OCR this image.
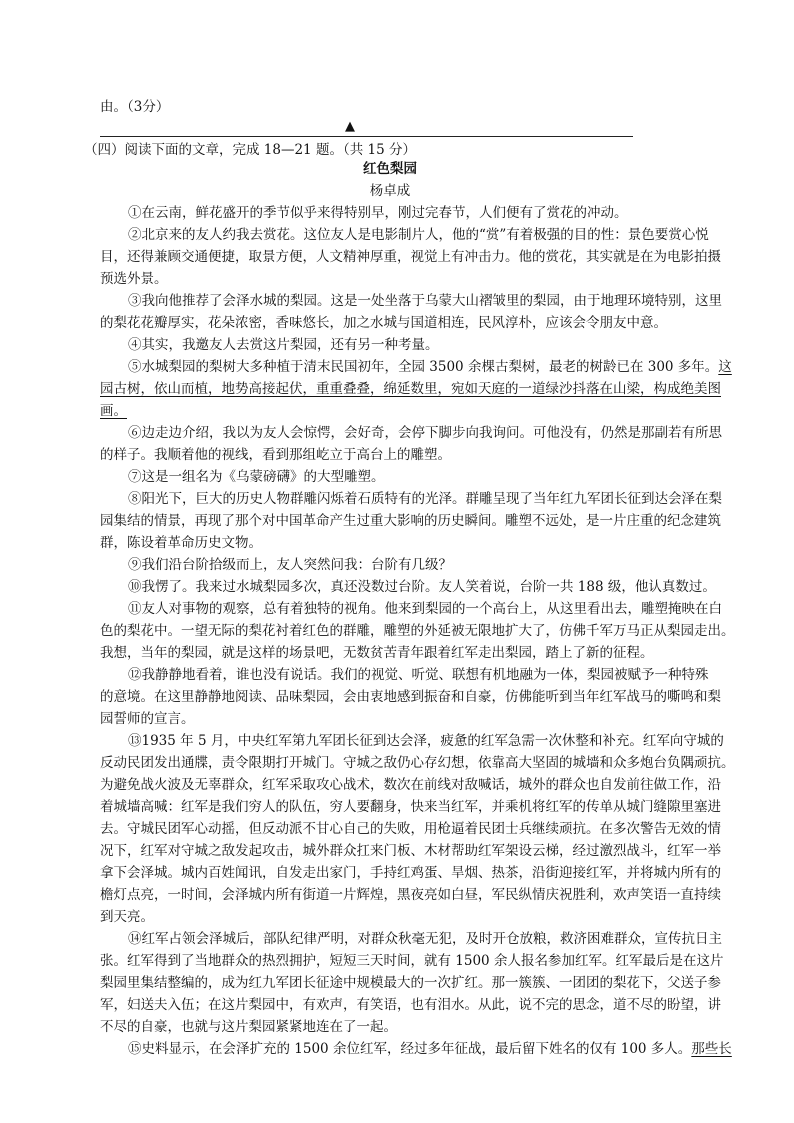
由。（3分）
▲
（四）阅读下面的文章，完成 18—21 题。（共 15 分）
红色梨园
杨卓成
①在云南，鲜花盛开的季节似乎来得特别早，刚过完春节，人们便有了赏花的冲动。
②北京来的友人约我去赏花。这位友人是电影制片人，他的“赏”有着极强的目的性：景色要赏心悦
目，还得兼顾交通便捷，取景方便，人文精神厚重，视觉上有冲击力。他的赏花，其实就是在为电影拍摄
预选外景。
③我向他推荐了会泽水城的梨园。这是一处坐落于乌蒙大山褶皱里的梨园，由于地理环境特别，这里
的梨花花瓣厚实，花朵浓密，香味悠长，加之水城与国道相连，民风淳朴，应该会令朋友中意。
④其实，我邀友人去赏这片梨园，还有另一种考量。
⑤水城梨园的梨树大多种植于清末民国初年，全园 3500 余棵古梨树，最老的树龄已在 300 多年。这
园古树，依山而植，地势高接起伏，重重叠叠，绵延数里，宛如天庭的一道绿沙抖落在山梁，构成绝美图
画。
⑥边走边介绍，我以为友人会惊愕，会好奇，会停下脚步向我询问。可他没有，仍然是那副若有所思
的样子。我顺着他的视线，看到那组屹立于高台上的雕塑。
⑦这是一组名为《乌蒙磅礴》的大型雕塑。
⑧阳光下，巨大的历史人物群雕闪烁着石质特有的光泽。群雕呈现了当年红九军团长征到达会泽在梨
园集结的情景，再现了那个对中国革命产生过重大影响的历史瞬间。雕塑不远处，是一片庄重的纪念建筑
群，陈设着革命历史文物。
⑨我们沿台阶拾级而上，友人突然问我：台阶有几级？
⑩我愣了。我来过水城梨园多次，真还没数过台阶。友人笑着说，台阶一共 188 级，他认真数过。
⑪友人对事物的观察，总有着独特的视角。他来到梨园的一个高台上，从这里看出去，雕塑掩映在白
色的梨花中。一望无际的梨花衬着红色的群雕，雕塑的外延被无限地扩大了，仿佛千军万马正从梨园走出。
我想，当年的梨园，就是这样的场景吧，无数贫苦青年跟着红军走出梨园，踏上了新的征程。
⑫我静静地看着，谁也没有说话。我们的视觉、听觉、联想有机地融为一体，梨园被赋予一种特殊
的意境。在这里静静地阅读、品味梨园，会由衷地感到振奋和自豪，仿佛能听到当年红军战马的嘶鸣和梨
园誓师的宣言。
⑬1935 年 5 月，中央红军第九军团长征到达会泽，疲惫的红军急需一次休整和补充。红军向守城的
反动民团发出通牒，责令限期打开城门。守城之敌仍心存幻想，依靠高大坚固的城墙和众多炮台负隅顽抗。
为避免战火波及无辜群众，红军采取攻心战术，数次在前线对敌喊话，城外的群众也自发前往做工作，沿
着城墙高喊：红军是我们穷人的队伍，穷人要翻身，快来当红军，并乘机将红军的传单从城门缝隙里塞进
去。守城民团军心动摇，但反动派不甘心自己的失败，用枪逼着民团士兵继续顽抗。在多次警告无效的情
况下，红军对守城之敌发起攻击，城外群众扛来门板、木材帮助红军架设云梯，经过激烈战斗，红军一举
拿下会泽城。城内百姓闻讯，自发走出家门，手持红鸡蛋、旱烟、热茶，沿街迎接红军，并将城内所有的
檐灯点亮，一时间，会泽城内所有街道一片辉煌，黑夜亮如白昼，军民纵情庆祝胜利，欢声笑语一直持续
到天亮。
⑭红军占领会泽城后，部队纪律严明，对群众秋毫无犯，及时开仓放粮，救济困难群众，宣传抗日主
张。红军得到了当地群众的热烈拥护，短短三天时间，就有 1500 余人报名参加红军。红军最后是在这片
梨园里集结整编的，成为红九军团长征途中规模最大的一次扩红。那一簇簇、一团团的梨花下，父送子参
军，妇送夫入伍；在这片梨园中，有欢声，有笑语，也有泪水。从此，说不完的思念，道不尽的盼望，讲
不尽的自豪，也就与这片梨园紧紧地连在了一起。
⑮史料显示，在会泽扩充的 1500 余位红军，经过多年征战，最后留下姓名的仅有 100 多人。那些长
